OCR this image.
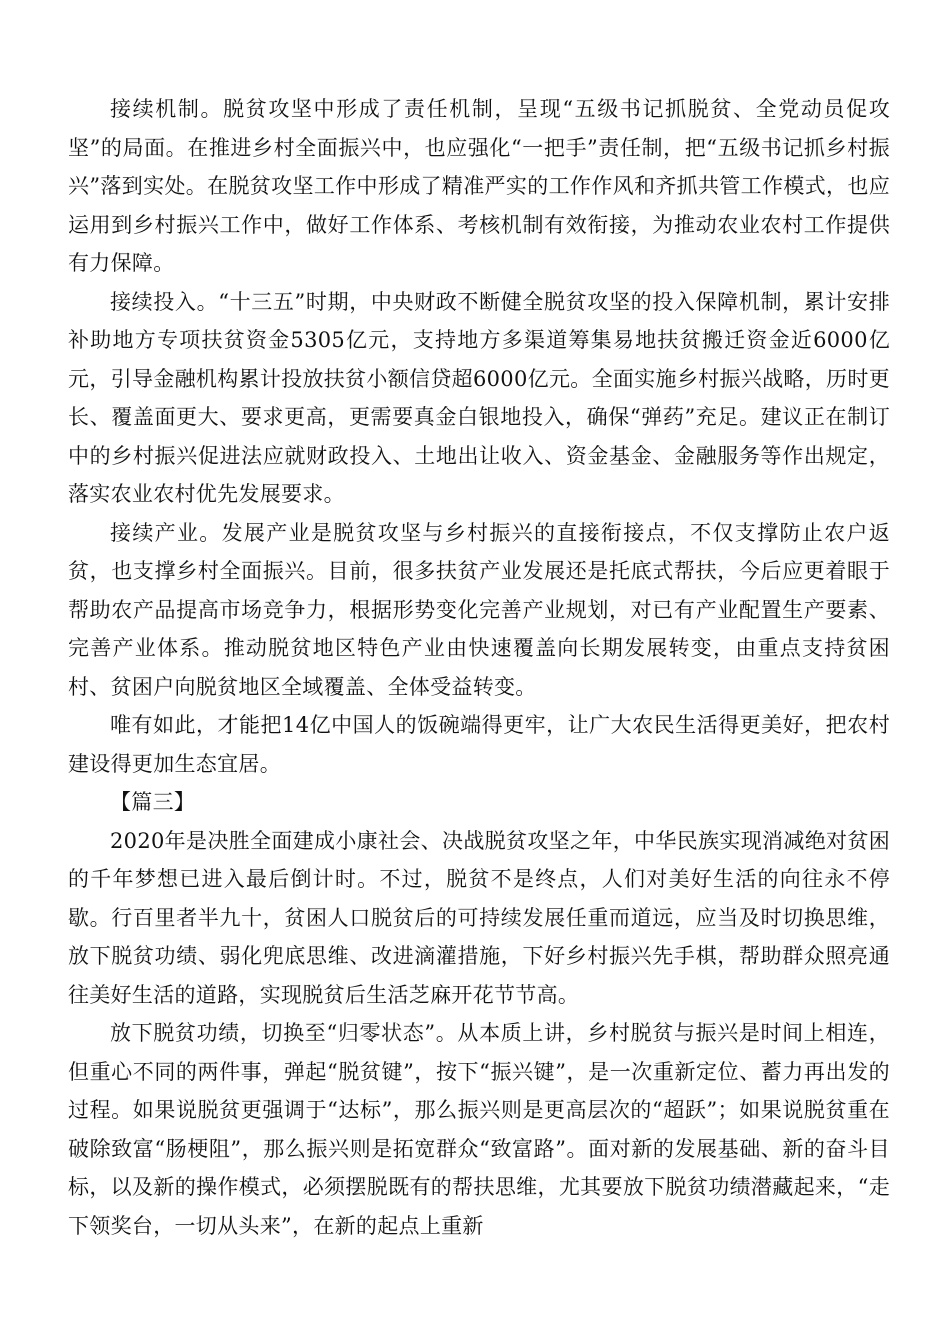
接续机制。脱贫攻坚中形成了责任机制，呈现“五级书记抓脱贫、全党动员促攻坚”的局面。在推进乡村全面振兴中，也应强化“一把手”责任制，把“五级书记抓乡村振兴”落到实处。在脱贫攻坚工作中形成了精准严实的工作作风和齐抓共管工作模式，也应运用到乡村振兴工作中，做好工作体系、考核机制有效衔接，为推动农业农村工作提供有力保障。

接续投入。“十三五”时期，中央财政不断健全脱贫攻坚的投入保障机制，累计安排补助地方专项扶贫资金5305亿元，支持地方多渠道筹集易地扶贫搬迁资金近6000亿元，引导金融机构累计投放扶贫小额信贷超6000亿元。全面实施乡村振兴战略，历时更长、覆盖面更大、要求更高，更需要真金白银地投入，确保“弹药”充足。建议正在制订中的乡村振兴促进法应就财政投入、土地出让收入、资金基金、金融服务等作出规定，落实农业农村优先发展要求。

接续产业。发展产业是脱贫攻坚与乡村振兴的直接衔接点，不仅支撑防止农户返贫，也支撑乡村全面振兴。目前，很多扶贫产业发展还是托底式帮扶，今后应更着眼于帮助农产品提高市场竞争力，根据形势变化完善产业规划，对已有产业配置生产要素、完善产业体系。推动脱贫地区特色产业由快速覆盖向长期发展转变，由重点支持贫困村、贫困户向脱贫地区全域覆盖、全体受益转变。

唯有如此，才能把14亿中国人的饭碗端得更牢，让广大农民生活得更美好，把农村建设得更加生态宜居。

【篇三】

2020年是决胜全面建成小康社会、决战脱贫攻坚之年，中华民族实现消减绝对贫困的千年梦想已进入最后倒计时。不过，脱贫不是终点，人们对美好生活的向往永不停歇。行百里者半九十，贫困人口脱贫后的可持续发展任重而道远，应当及时切换思维，放下脱贫功绩、弱化兜底思维、改进滴灌措施，下好乡村振兴先手棋，帮助群众照亮通往美好生活的道路，实现脱贫后生活芝麻开花节节高。

放下脱贫功绩，切换至“归零状态”。从本质上讲，乡村脱贫与振兴是时间上相连，但重心不同的两件事，弹起“脱贫键”，按下“振兴键”，是一次重新定位、蓄力再出发的过程。如果说脱贫更强调于“达标”，那么振兴则是更高层次的“超跃”；如果说脱贫重在破除致富“肠梗阻”，那么振兴则是拓宽群众“致富路”。面对新的发展基础、新的奋斗目标，以及新的操作模式，必须摆脱既有的帮扶思维，尤其要放下脱贫功绩潜藏起来，“走下领奖台，一切从头来”，在新的起点上重新
